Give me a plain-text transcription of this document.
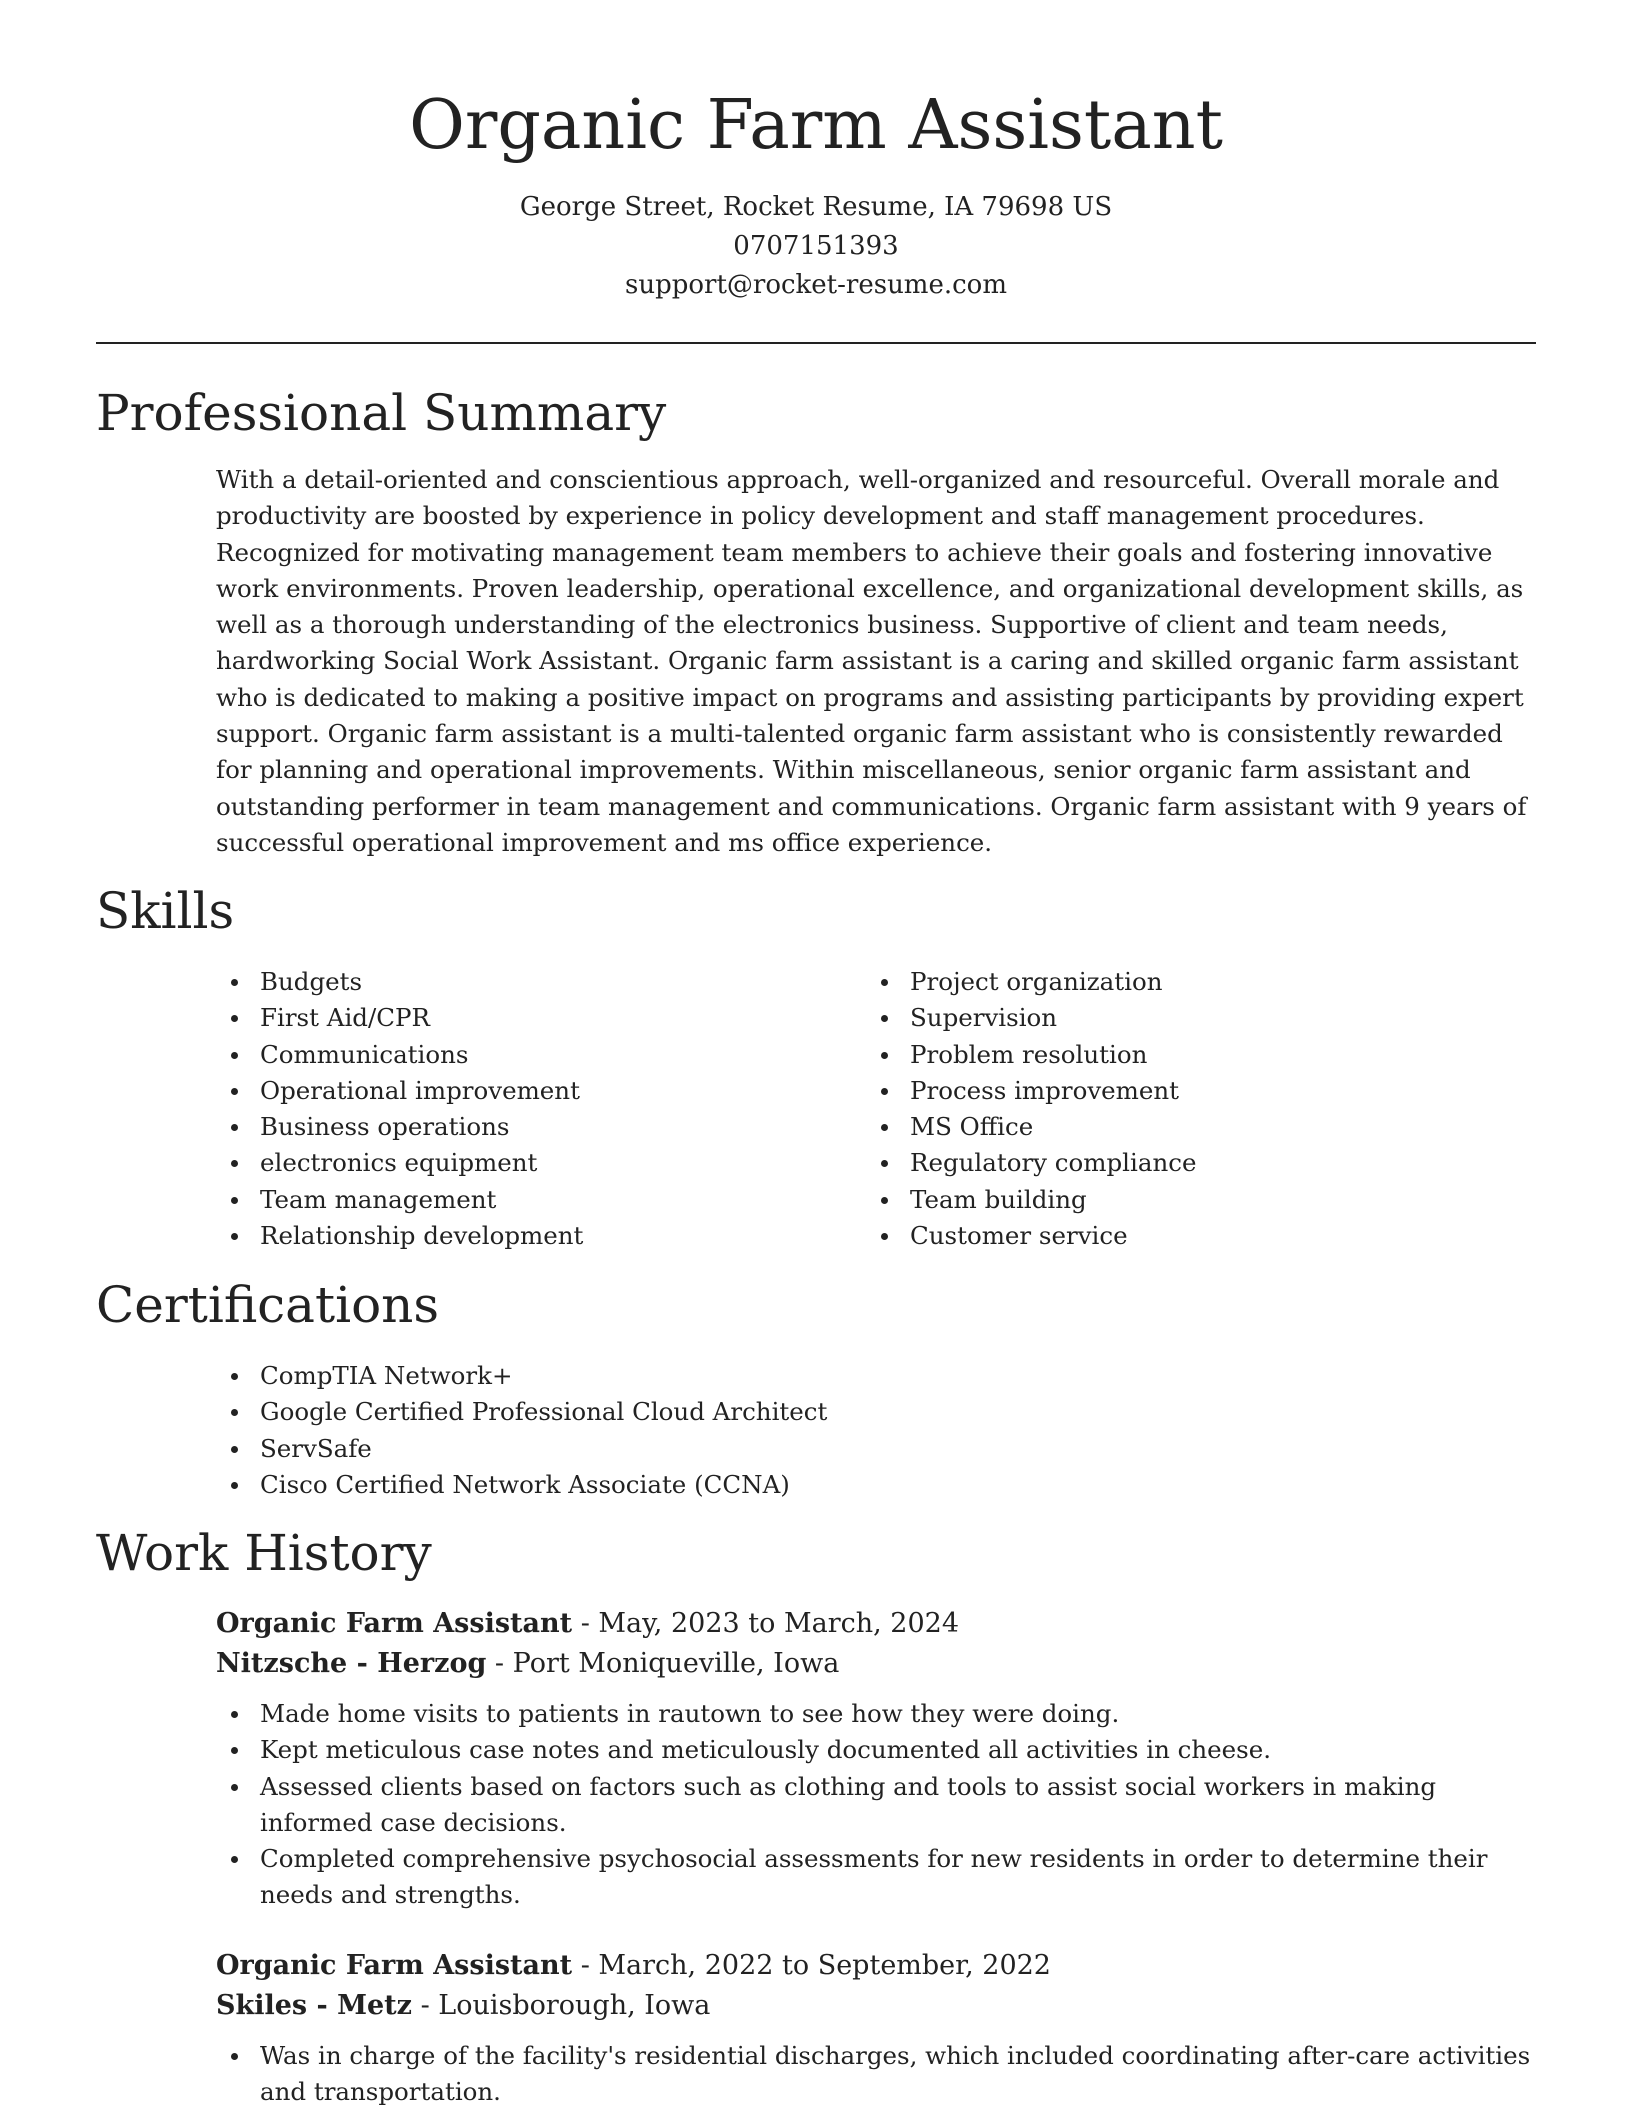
Organic Farm Assistant
George Street, Rocket Resume, IA 79698 US
0707151393
support@rocket-resume.com
Professional Summary

With a detail-oriented and conscientious approach, well-organized and resourceful. Overall morale and productivity are boosted by experience in policy development and staff management procedures. Recognized for motivating management team members to achieve their goals and fostering innovative work environments. Proven leadership, operational excellence, and organizational development skills, as well as a thorough understanding of the electronics business. Supportive of client and team needs, hardworking Social Work Assistant. Organic farm assistant is a caring and skilled organic farm assistant who is dedicated to making a positive impact on programs and assisting participants by providing expert support. Organic farm assistant is a multi-talented organic farm assistant who is consistently rewarded for planning and operational improvements. Within miscellaneous, senior organic farm assistant and outstanding performer in team management and communications. Organic farm assistant with 9 years of successful operational improvement and ms office experience.

Skills
Budgets
First Aid/CPR
Communications
Operational improvement
Business operations
electronics equipment
Team management
Relationship development
Project organization
Supervision
Problem resolution
Process improvement
MS Office
Regulatory compliance
Team building
Customer service
Certifications
CompTIA Network+
Google Certified Professional Cloud Architect
ServSafe
Cisco Certified Network Associate (CCNA)
Work History
Organic Farm Assistant - May, 2023 to March, 2024
Nitzsche - Herzog - Port Moniqueville, Iowa
Made home visits to patients in rautown to see how they were doing.
Kept meticulous case notes and meticulously documented all activities in cheese.
Assessed clients based on factors such as clothing and tools to assist social workers in making informed case decisions.
Completed comprehensive psychosocial assessments for new residents in order to determine their needs and strengths.
Organic Farm Assistant - March, 2022 to September, 2022
Skiles - Metz - Louisborough, Iowa
Was in charge of the facility's residential discharges, which included coordinating after-care activities and transportation.
